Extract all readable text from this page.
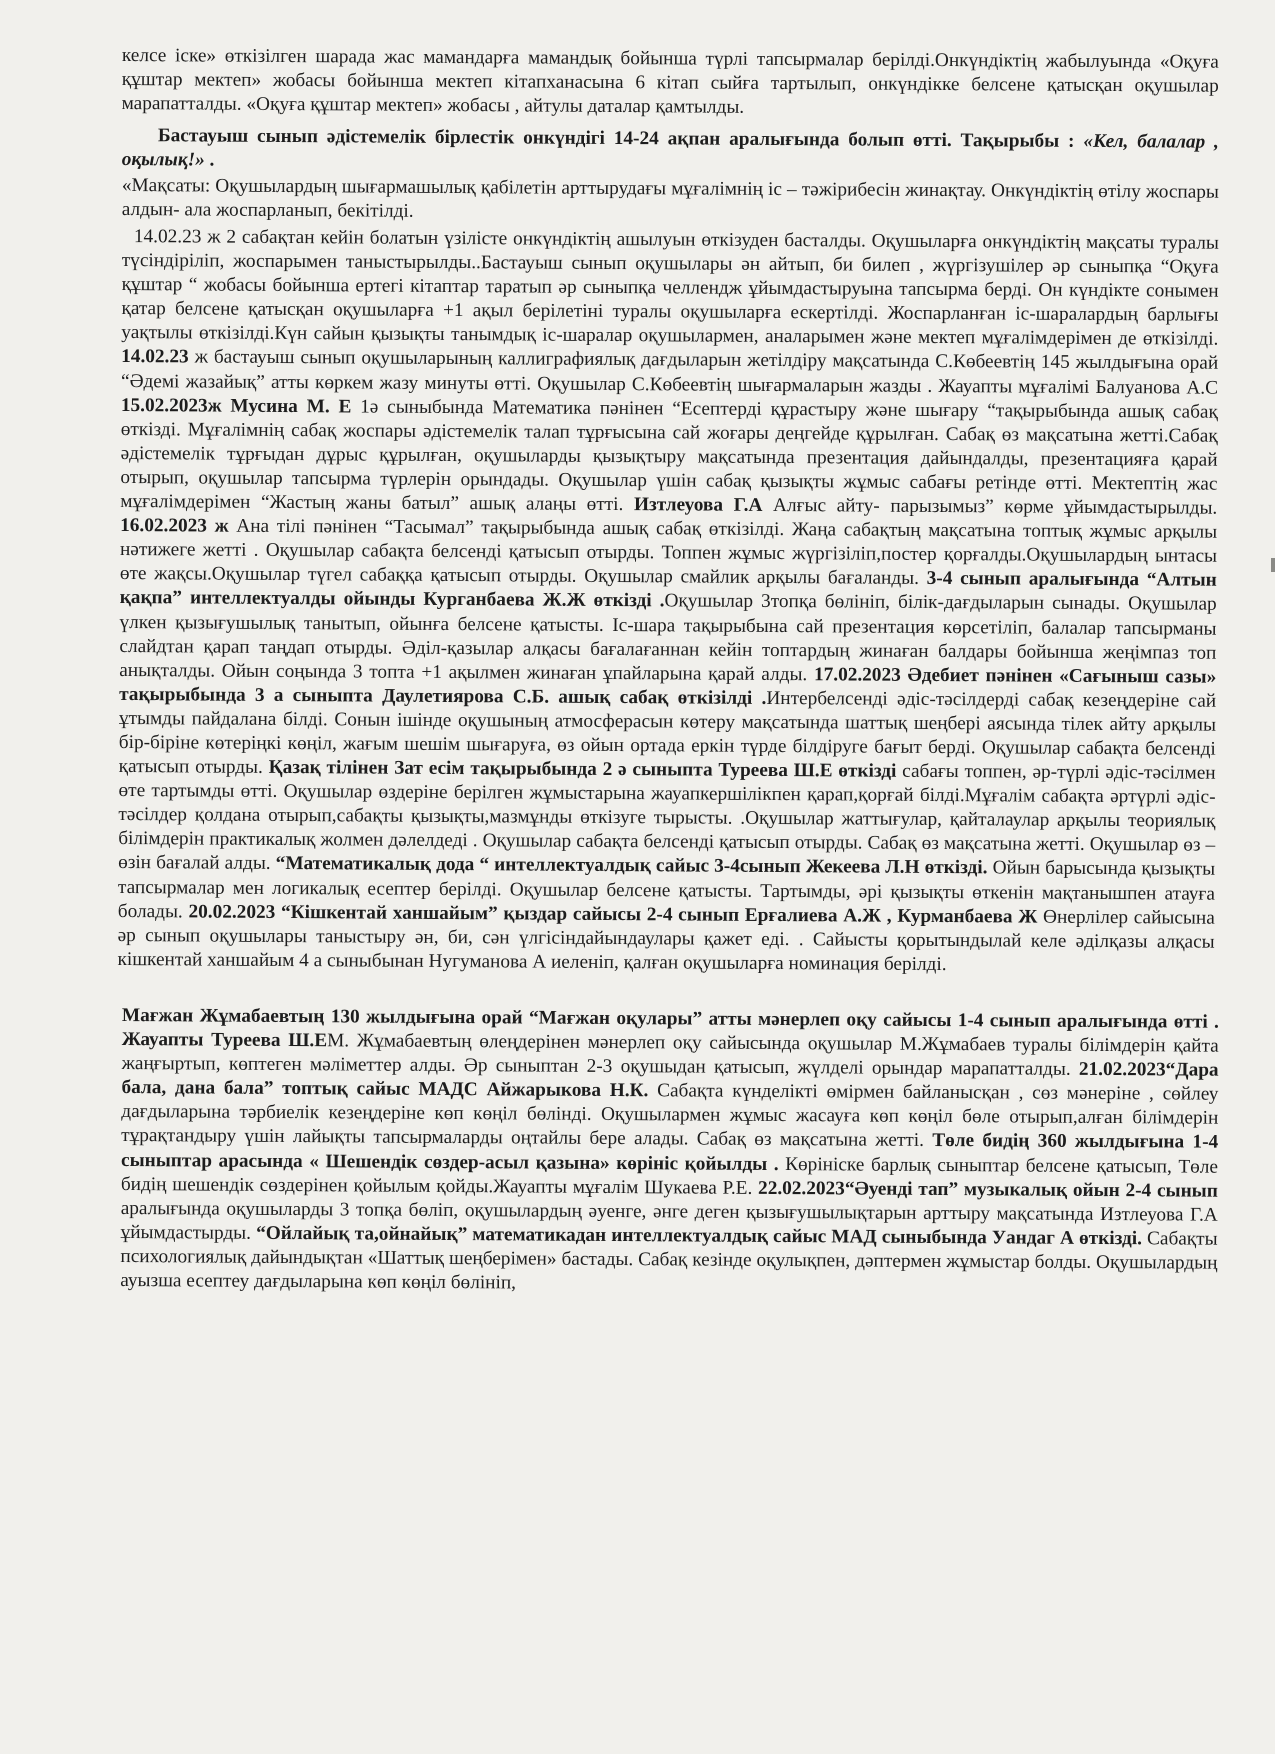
келсе іске» өткізілген шарада жас мамандарға мамандық бойынша түрлі тапсырмалар берілді.Онкүндіктің жабылуында «Оқуға құштар мектеп» жобасы бойынша мектеп кітапханасына 6 кітап сыйға тартылып, онкүндікке белсене қатысқан оқушылар марапатталды. «Оқуға құштар мектеп» жобасы , айтулы даталар қамтылды.

Бастауыш сынып әдістемелік бірлестік онкүндігі 14-24 ақпан аралығында болып өтті. Тақырыбы : «Кел, балалар , оқылық!» .

«Мақсаты: Оқушылардың шығармашылық қабілетін арттырудағы мұғалімнің іс – тәжірибесін жинақтау. Онкүндіктің өтілу жоспары алдын- ала жоспарланып, бекітілді.

14.02.23 ж 2 сабақтан кейін болатын үзілісте онкүндіктің ашылуын өткізуден басталды. Оқушыларға онкүндіктің мақсаты туралы түсіндіріліп, жоспарымен таныстырылды..Бастауыш сынып оқушылары ән айтып, би билеп , жүргізушілер әр сыныпқа “Оқуға құштар “ жобасы бойынша ертегі кітаптар таратып әр сыныпқа челлендж ұйымдастыруына тапсырма берді. Он күндікте сонымен қатар белсене қатысқан оқушыларға +1 ақыл берілетіні туралы оқушыларға ескертілді. Жоспарланған іс-шаралардың барлығы уақтылы өткізілді.Күн сайын қызықты танымдық іс-шаралар оқушылармен, аналарымен және мектеп мұғалімдерімен де өткізілді. 14.02.23 ж бастауыш сынып оқушыларының каллиграфиялық дағдыларын жетілдіру мақсатында С.Көбеевтің 145 жылдығына орай “Әдемі жазайық” атты көркем жазу минуты өтті. Оқушылар С.Көбеевтің шығармаларын жазды . Жауапты мұғалімі Балуанова А.С 15.02.2023ж Мусина М. Е 1ә сыныбында Математика пәнінен “Есептерді құрастыру және шығару “тақырыбында ашық сабақ өткізді. Мұғалімнің сабақ жоспары әдістемелік талап тұрғысына сай жоғары деңгейде құрылған. Сабақ өз мақсатына жетті.Сабақ әдістемелік тұрғыдан дұрыс құрылған, оқушыларды қызықтыру мақсатында презентация дайындалды, презентацияға қарай отырып, оқушылар тапсырма түрлерін орындады. Оқушылар үшін сабақ қызықты жұмыс сабағы ретінде өтті. Мектептің жас мұғалімдерімен “Жастың жаны батыл” ашық алаңы өтті. Изтлеуова Г.А Алғыс айту- парызымыз” көрме ұйымдастырылды. 16.02.2023 ж Ана тілі пәнінен “Тасымал” тақырыбында ашық сабақ өткізілді. Жаңа сабақтың мақсатына топтық жұмыс арқылы нәтижеге жетті . Оқушылар сабақта белсенді қатысып отырды. Топпен жұмыс жүргізіліп,постер қорғалды.Оқушылардың ынтасы өте жақсы.Оқушылар түгел сабаққа қатысып отырды. Оқушылар смайлик арқылы бағаланды. 3-4 сынып аралығында “Алтын қақпа” интеллектуалды ойынды Курганбаева Ж.Ж өткізді .Оқушылар 3топқа бөлініп, білік-дағдыларын сынады. Оқушылар үлкен қызығушылық танытып, ойынға белсене қатысты. Іс-шара тақырыбына сай презентация көрсетіліп, балалар тапсырманы слайдтан қарап таңдап отырды. Әділ-қазылар алқасы бағалағаннан кейін топтардың жинаған балдары бойынша жеңімпаз топ анықталды. Ойын соңында 3 топта +1 ақылмен жинаған ұпайларына қарай алды. 17.02.2023 Әдебиет пәнінен «Сағыныш сазы» тақырыбында 3 а сыныпта Даулетиярова С.Б. ашық сабақ өткізілді .Интербелсенді әдіс-тәсілдерді сабақ кезеңдеріне сай ұтымды пайдалана білді. Сонын ішінде оқушының атмосферасын көтеру мақсатында шаттық шеңбері аясында тілек айту арқылы бір-біріне көтеріңкі көңіл, жағым шешім шығаруға, өз ойын ортада еркін түрде білдіруге бағыт берді. Оқушылар сабақта белсенді қатысып отырды. Қазақ тілінен Зат есім тақырыбында 2 ә сыныпта Туреева Ш.Е өткізді сабағы топпен, әр-түрлі әдіс-тәсілмен өте тартымды өтті. Оқушылар өздеріне берілген жұмыстарына жауапкершілікпен қарап,қорғай білді.Мұғалім сабақта әртүрлі әдіс-тәсілдер қолдана отырып,сабақты қызықты,мазмұнды өткізуге тырысты. .Оқушылар жаттығулар, қайталаулар арқылы теориялық білімдерін практикалық жолмен дәлелдеді . Оқушылар сабақта белсенді қатысып отырды. Сабақ өз мақсатына жетті. Оқушылар өз –өзін бағалай алды. “Математикалық дода “ интеллектуалдық сайыс 3-4сынып Жекеева Л.Н өткізді. Ойын барысында қызықты тапсырмалар мен логикалық есептер берілді. Оқушылар белсене қатысты. Тартымды, әрі қызықты өткенін мақтанышпен атауға болады. 20.02.2023 “Кішкентай ханшайым” қыздар сайысы 2-4 сынып Ерғалиева А.Ж , Курманбаева Ж Өнерлілер сайысына әр сынып оқушылары таныстыру ән, би, сән үлгісіндайындаулары қажет еді. . Сайысты қорытындылай келе әділқазы алқасы кішкентай ханшайым 4 а сыныбынан Нугуманова А иеленіп, қалған оқушыларға номинация берілді.

Мағжан Жұмабаевтың 130 жылдығына орай “Мағжан оқулары” атты мәнерлеп оқу сайысы 1-4 сынып аралығында өтті . Жауапты Туреева Ш.ЕМ. Жұмабаевтың өлеңдерінен мәнерлеп оқу сайысында оқушылар М.Жұмабаев туралы білімдерін қайта жаңғыртып, көптеген мәліметтер алды. Әр сыныптан 2-3 оқушыдан қатысып, жүлделі орындар марапатталды. 21.02.2023“Дара бала, дана бала” топтық сайыс МАДС Айжарыкова Н.К. Сабақта күнделікті өмірмен байланысқан , сөз мәнеріне , сөйлеу дағдыларына тәрбиелік кезеңдеріне көп көңіл бөлінді. Оқушылармен жұмыс жасауға көп көңіл бөле отырып,алған білімдерін тұрақтандыру үшін лайықты тапсырмаларды оңтайлы бере алады. Сабақ өз мақсатына жетті. Төле бидің 360 жылдығына 1-4 сыныптар арасында « Шешендік сөздер-асыл қазына» көрініс қойылды . Көрініске барлық сыныптар белсене қатысып, Төле бидің шешендік сөздерінен қойылым қойды.Жауапты мұғалім Шукаева Р.Е. 22.02.2023“Әуенді тап” музыкалық ойын 2-4 сынып аралығында оқушыларды 3 топқа бөліп, оқушылардың әуенге, әнге деген қызығушылықтарын арттыру мақсатында Изтлеуова Г.А ұйымдастырды. “Ойлайық та,ойнайық” математикадан интеллектуалдық сайыс МАД сыныбында Уандаг А өткізді. Сабақты психологиялық дайындықтан «Шаттық шеңберімен» бастады. Сабақ кезінде оқулықпен, дәптермен жұмыстар болды. Оқушылардың ауызша есептеу дағдыларына көп көңіл бөлініп,
